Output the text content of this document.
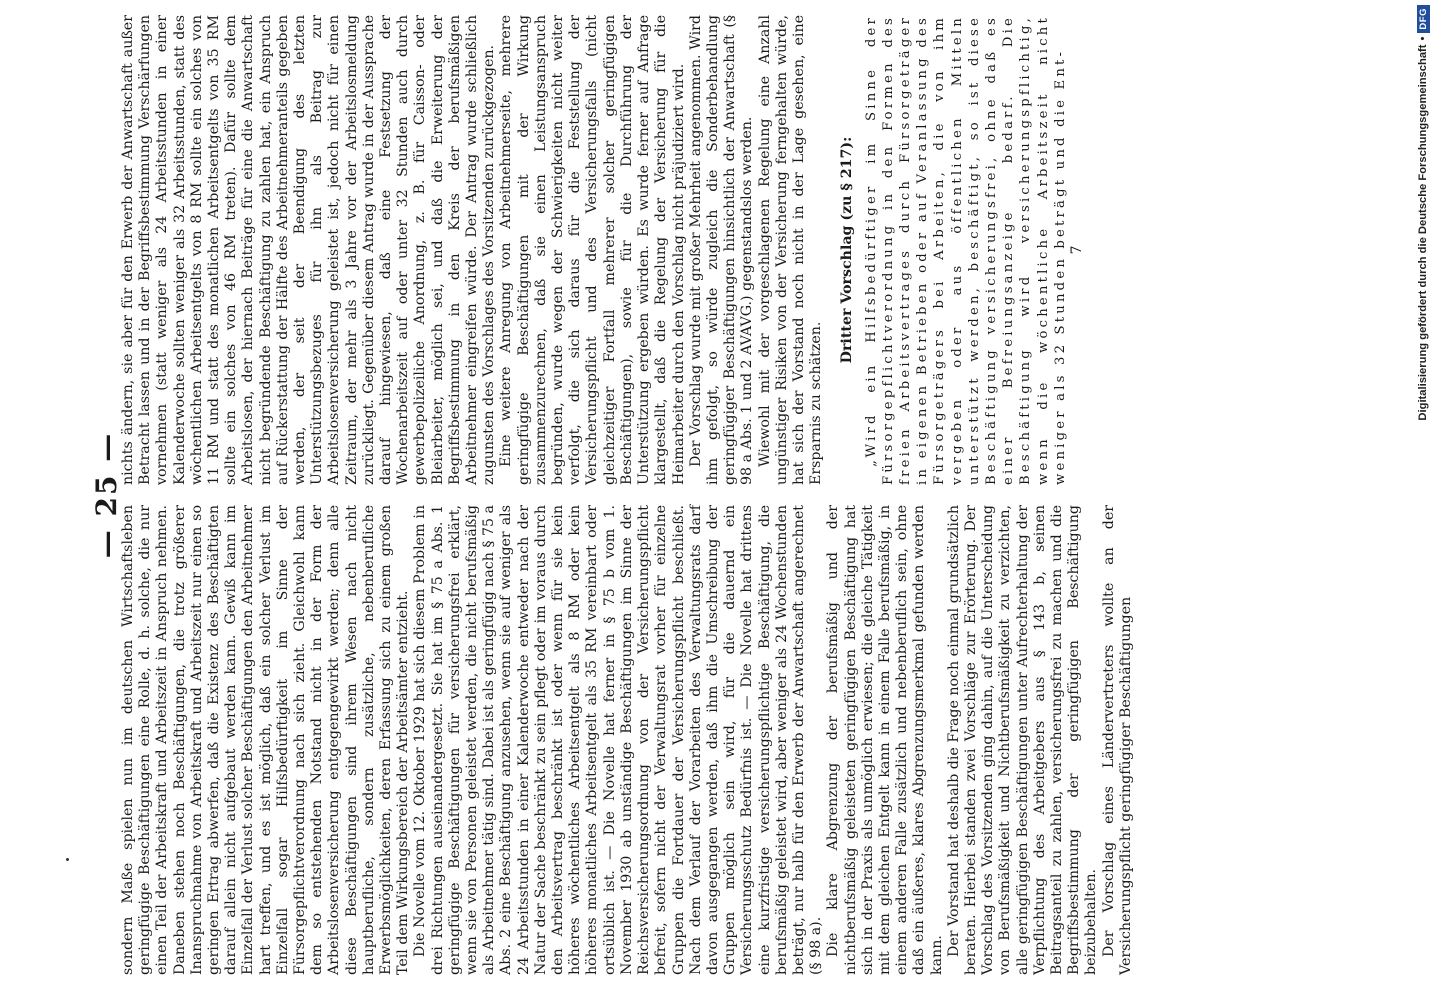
— 25 —

sondern Maße spielen nun im deutschen Wirtschaftsleben geringfügige Beschäftigungen eine Rolle, d. h. solche, die nur einen Teil der Arbeitskraft und Arbeitszeit in Anspruch nehmen. Daneben stehen noch Beschäftigungen, die trotz größerer Inanspruchnahme von Arbeitskraft und Arbeitszeit nur einen so geringen Ertrag abwerfen, daß die Existenz des Beschäftigten darauf allein nicht aufgebaut werden kann. Gewiß kann im Einzelfall der Verlust solcher Beschäftigungen den Arbeitnehmer hart treffen, und es ist möglich, daß ein solcher Verlust im Einzelfall sogar Hilfsbedürftigkeit im Sinne der Fürsorgepflichtverordnung nach sich zieht. Gleichwohl kann dem so entstehenden Notstand nicht in der Form der Arbeitslosenversicherung entgegengewirkt werden; denn alle diese Beschäftigungen sind ihrem Wesen nach nicht hauptberufliche, sondern zusätzliche, nebenberufliche Erwerbsmöglichkeiten, deren Erfassung sich zu einem großen Teil dem Wirkungsbereich der Arbeitsämter entzieht. Die Novelle vom 12. Oktober 1929 hat sich diesem Problem in drei Richtungen auseinandergesetzt. Sie hat im § 75 a Abs. 1 geringfügige Beschäftigungen für versicherungsfrei erklärt, wenn sie von Personen geleistet werden, die nicht berufsmäßig als Arbeitnehmer tätig sind. Dabei ist als geringfügig nach § 75 a Abs. 2 eine Beschäftigung anzusehen, wenn sie auf weniger als 24 Arbeitsstunden in einer Kalenderwoche entweder nach der Natur der Sache beschränkt zu sein pflegt oder im voraus durch den Arbeitsvertrag beschränkt ist oder wenn für sie kein höheres wöchentliches Arbeitsentgelt als 8 RM oder kein höheres monatliches Arbeitsentgelt als 35 RM vereinbart oder ortsüblich ist. — Die Novelle hat ferner in § 75 b vom 1. November 1930 ab unständige Beschäftigungen im Sinne der Reichsversicherungsordnung von der Versicherungspflicht befreit, sofern nicht der Verwaltungsrat vorher für einzelne Gruppen die Fortdauer der Versicherungspflicht beschließt. Nach dem Verlauf der Vorarbeiten des Verwaltungsrats darf davon ausgegangen werden, daß ihm die Umschreibung der Gruppen möglich sein wird, für die dauernd ein Versicherungsschutz Bedürfnis ist. — Die Novelle hat drittens eine kurzfristige versicherungspflichtige Beschäftigung, die berufsmäßig geleistet wird, aber weniger als 24 Wochenstunden beträgt, nur halb für den Erwerb der Anwartschaft angerechnet (§ 98 a). Die klare Abgrenzung der berufsmäßig und der nichtberufsmäßig geleisteten geringfügigen Beschäftigung hat sich in der Praxis als unmöglich erwiesen; die gleiche Tätigkeit mit dem gleichen Entgelt kann in einem Falle berufsmäßig, in einem anderen Falle zusätzlich und nebenberuflich sein, ohne daß ein äußeres, klares Abgrenzungsmerkmal gefunden werden kann. Der Vorstand hat deshalb die Frage noch einmal grundsätzlich beraten. Hierbei standen zwei Vorschläge zur Erörterung. Der Vorschlag des Vorsitzenden ging dahin, auf die Unterscheidung von Berufsmäßigkeit und Nichtberufsmäßigkeit zu verzichten, alle geringfügigen Beschäftigungen unter Aufrechterhaltung der Verpflichtung des Arbeitgebers aus § 143 b, seinen Beitragsanteil zu zahlen, versicherungsfrei zu machen und die Begriffsbestimmung der geringfügigen Beschäftigung beizubehalten. Der Vorschlag eines Ländervertreters wollte an der Versicherungspflicht geringfügiger Beschäftigungen

nichts ändern, sie aber für den Erwerb der Anwartschaft außer Betracht lassen und in der Begriffsbestimmung Verschärfungen vornehmen (statt weniger als 24 Arbeitsstunden in einer Kalenderwoche sollten weniger als 32 Arbeitsstunden, statt des wöchentlichen Arbeitsentgelts von 8 RM sollte ein solches von 11 RM und statt des monatlichen Arbeitsentgelts von 35 RM sollte ein solches von 46 RM treten). Dafür sollte dem Arbeitslosen, der hiernach Beiträge für eine die Anwartschaft nicht begründende Beschäftigung zu zahlen hat, ein Anspruch auf Rückerstattung der Hälfte des Arbeitnehmeranteils gegeben werden, der seit der Beendigung des letzten Unterstützungsbezuges für ihn als Beitrag zur Arbeitslosenversicherung geleistet ist, jedoch nicht für einen Zeitraum, der mehr als 3 Jahre vor der Arbeitslosmeldung zurückliegt. Gegenüber diesem Antrag wurde in der Aussprache darauf hingewiesen, daß eine Festsetzung der Wochenarbeitszeit auf oder unter 32 Stunden auch durch gewerbepolizeiliche Anordnung, z. B. für Caisson- oder Bleiarbeiter, möglich sei, und daß die Erweiterung der Begriffsbestimmung in den Kreis der berufsmäßigen Arbeitnehmer eingreifen würde. Der Antrag wurde schließlich zugunsten des Vorschlages des Vorsitzenden zurückgezogen. Eine weitere Anregung von Arbeitnehmerseite, mehrere geringfügige Beschäftigungen mit der Wirkung zusammenzurechnen, daß sie einen Leistungsanspruch begründen, wurde wegen der Schwierigkeiten nicht weiter verfolgt, die sich daraus für die Feststellung der Versicherungspflicht und des Versicherungsfalls (nicht gleichzeitiger Fortfall mehrerer solcher geringfügigen Beschäftigungen), sowie für die Durchführung der Unterstützung ergeben würden. Es wurde ferner auf Anfrage klargestellt, daß die Regelung der Versicherung für die Heimarbeiter durch den Vorschlag nicht präjudiziert wird. Der Vorschlag wurde mit großer Mehrheit angenommen. Wird ihm gefolgt, so würde zugleich die Sonderbehandlung geringfügiger Beschäftigungen hinsichtlich der Anwartschaft (§ 98 a Abs. 1 und 2 AVAVG.) gegenstandslos werden. Wiewohl mit der vorgeschlagenen Regelung eine Anzahl ungünstiger Risiken von der Versicherung ferngehalten würde, hat sich der Vorstand noch nicht in der Lage gesehen, eine Ersparnis zu schätzen.

Dritter Vorschlag (zu § 217): „Wird ein Hilfsbedürftiger im Sinne der Fürsorgepflichtverordnung in den Formen des freien Arbeitsvertrages durch Fürsorgeträger in eigenen Betrieben oder auf Veranlassung des Fürsorgeträgers bei Arbeiten, die von ihm vergeben oder aus öffentlichen Mitteln unterstützt werden, beschäftigt, so ist diese Beschäftigung versicherungsfrei, ohne daß es einer Befreiungsanzeige bedarf. Die Beschäftigung wird versicherungspflichtig, wenn die wöchentliche Arbeitszeit nicht weniger als 32 Stunden beträgt und die Ent- 7	Digitalisierung gefördert durch die Deutsche Forschungsgemeinschaft
•
DFG
